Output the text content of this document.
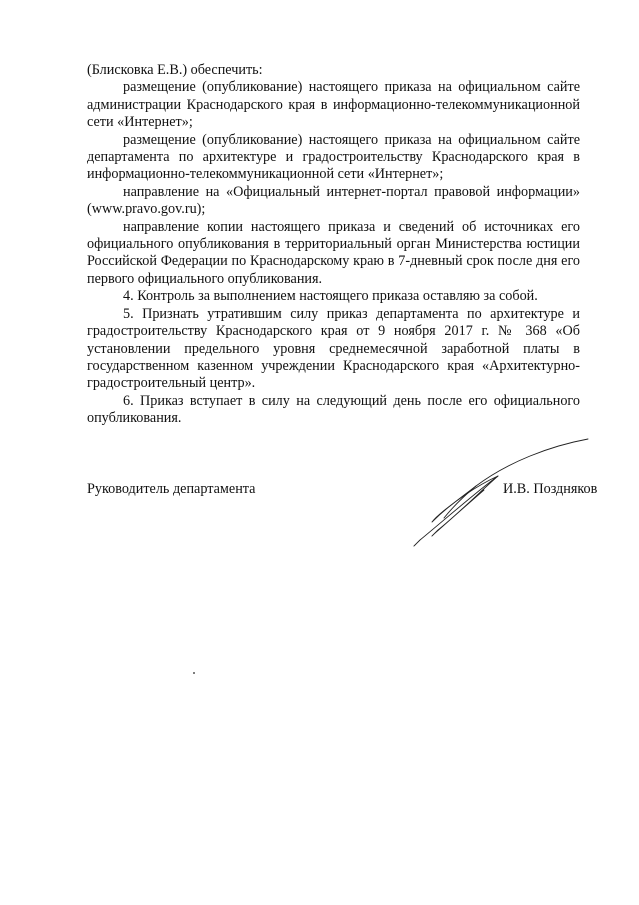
(Блисковка Е.В.) обеспечить:

размещение (опубликование) настоящего приказа на официальном сайте администрации Краснодарского края в информационно-телекоммуникационной сети «Интернет»;

размещение (опубликование) настоящего приказа на официальном сайте департамента по архитектуре и градостроительству Краснодарского края в информационно-телекоммуникационной сети «Интернет»;

направление на «Официальный интернет-портал правовой информации» (www.pravo.gov.ru);

направление копии настоящего приказа и сведений об источниках его официального опубликования в территориальный орган Министерства юстиции Российской Федерации по Краснодарскому краю в 7-дневный срок после дня его первого официального опубликования.

4. Контроль за выполнением настоящего приказа оставляю за собой.

5. Признать утратившим силу приказ департамента по архитектуре и градостроительству Краснодарского края от 9 ноября 2017 г. № 368 «Об установлении предельного уровня среднемесячной заработной платы в государственном казенном учреждении Краснодарского края «Архитектурно-градостроительный центр».

6. Приказ вступает в силу на следующий день после его официального опубликования.

Руководитель департамента	И.В. Поздняков
